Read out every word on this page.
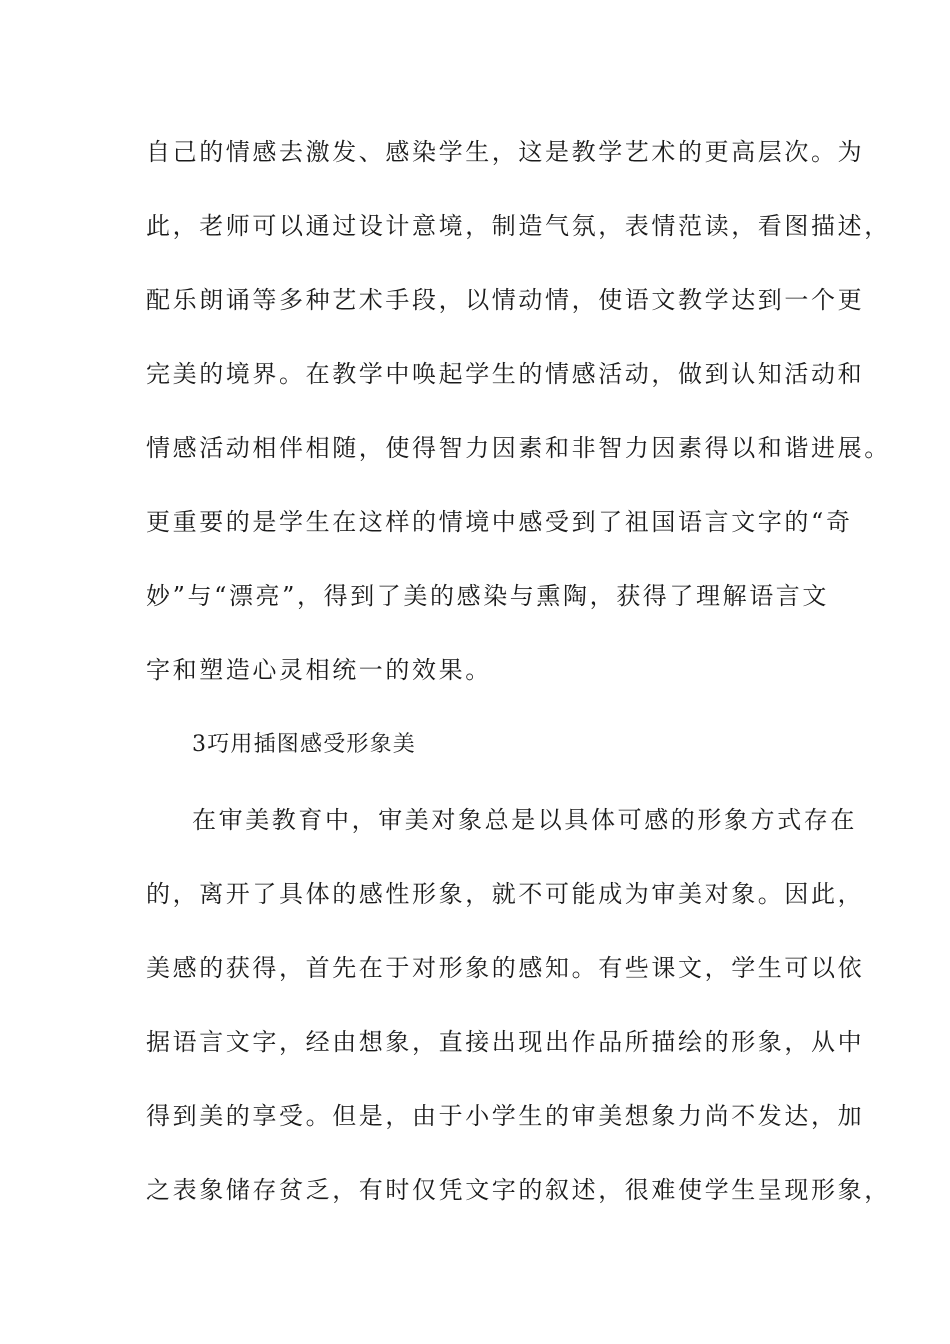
自己的情感去激发、感染学生，这是教学艺术的更高层次。为
此，老师可以通过设计意境，制造气氛，表情范读，看图描述，
配乐朗诵等多种艺术手段，以情动情，使语文教学达到一个更
完美的境界。在教学中唤起学生的情感活动，做到认知活动和
情感活动相伴相随，使得智力因素和非智力因素得以和谐进展。
更重要的是学生在这样的情境中感受到了祖国语言文字的“奇
妙”与“漂亮”，得到了美的感染与熏陶，获得了理解语言文
字和塑造心灵相统一的效果。
3巧用插图感受形象美
在审美教育中，审美对象总是以具体可感的形象方式存在
的，离开了具体的感性形象，就不可能成为审美对象。因此，
美感的获得，首先在于对形象的感知。有些课文，学生可以依
据语言文字，经由想象，直接出现出作品所描绘的形象，从中
得到美的享受。但是，由于小学生的审美想象力尚不发达，加
之表象储存贫乏，有时仅凭文字的叙述，很难使学生呈现形象，
